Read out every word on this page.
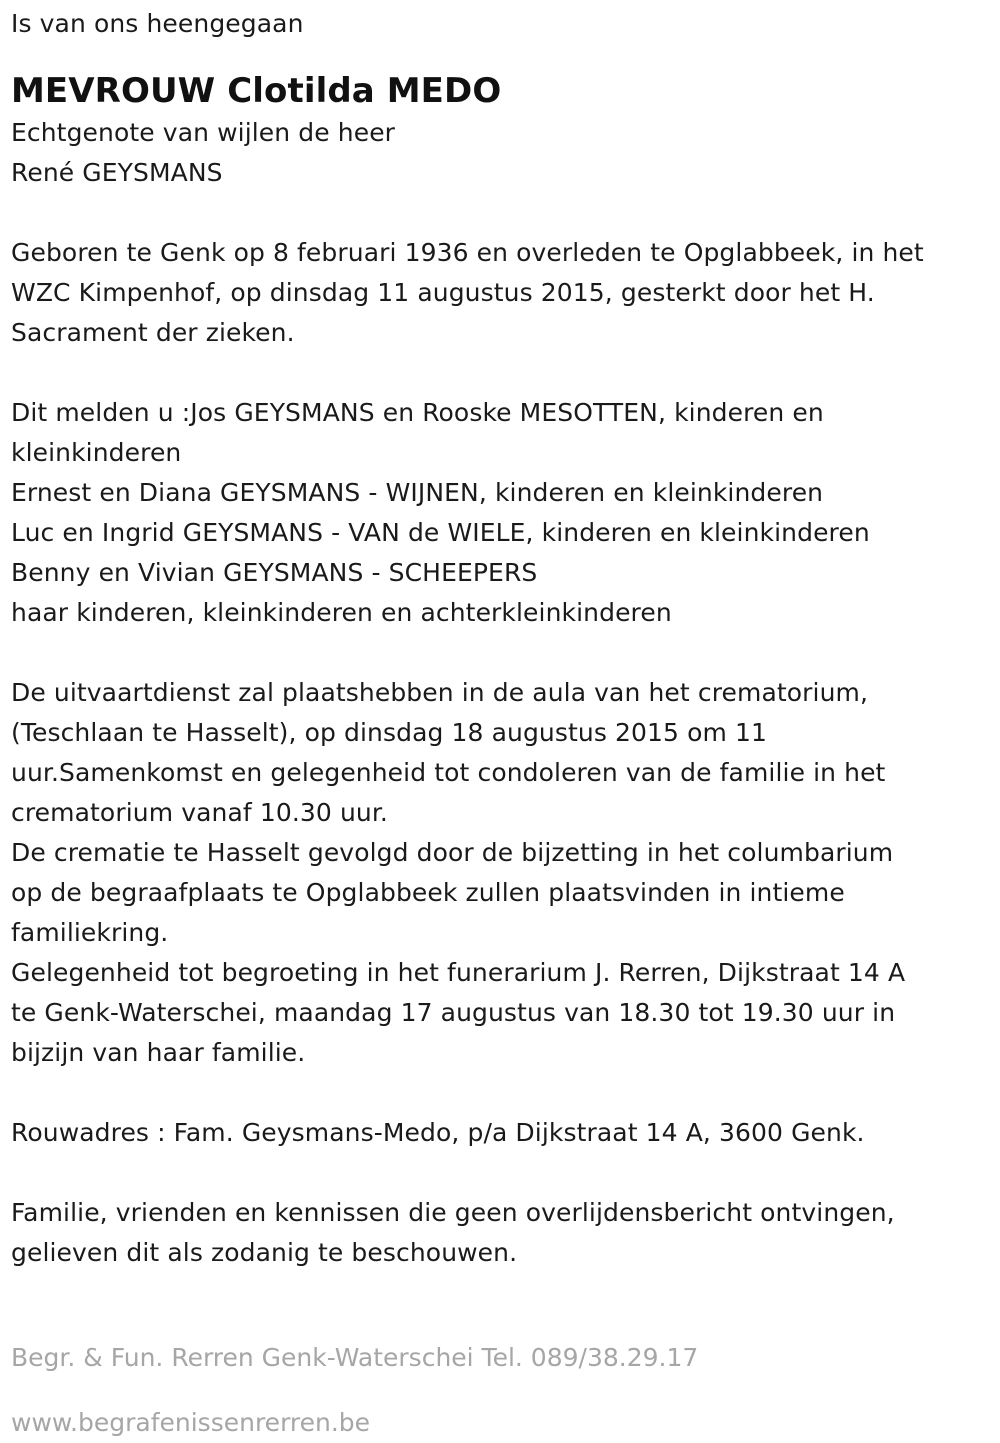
Is van ons heengegaan

MEVROUW Clotilda MEDO

Echtgenote van wijlen de heer

René GEYSMANS

Geboren te Genk op 8 februari 1936 en overleden te Opglabbeek, in het

WZC Kimpenhof, op dinsdag 11 augustus 2015, gesterkt door het H.

Sacrament der zieken.

Dit melden u :Jos GEYSMANS en Rooske MESOTTEN, kinderen en

kleinkinderen

Ernest en Diana GEYSMANS - WIJNEN, kinderen en kleinkinderen

Luc en Ingrid GEYSMANS - VAN de WIELE, kinderen en kleinkinderen

Benny en Vivian GEYSMANS - SCHEEPERS

haar kinderen, kleinkinderen en achterkleinkinderen

De uitvaartdienst zal plaatshebben in de aula van het crematorium,

(Teschlaan te Hasselt), op dinsdag 18 augustus 2015 om 11

uur.Samenkomst en gelegenheid tot condoleren van de familie in het

crematorium vanaf 10.30 uur.

De crematie te Hasselt gevolgd door de bijzetting in het columbarium

op de begraafplaats te Opglabbeek zullen plaatsvinden in intieme

familiekring.

Gelegenheid tot begroeting in het funerarium J. Rerren, Dijkstraat 14 A

te Genk-Waterschei, maandag 17 augustus van 18.30 tot 19.30 uur in

bijzijn van haar familie.

Rouwadres : Fam. Geysmans-Medo, p/a Dijkstraat 14 A, 3600 Genk.

Familie, vrienden en kennissen die geen overlijdensbericht ontvingen,

gelieven dit als zodanig te beschouwen.

Begr. & Fun. Rerren Genk-Waterschei Tel. 089/38.29.17

www.begrafenissenrerren.be
